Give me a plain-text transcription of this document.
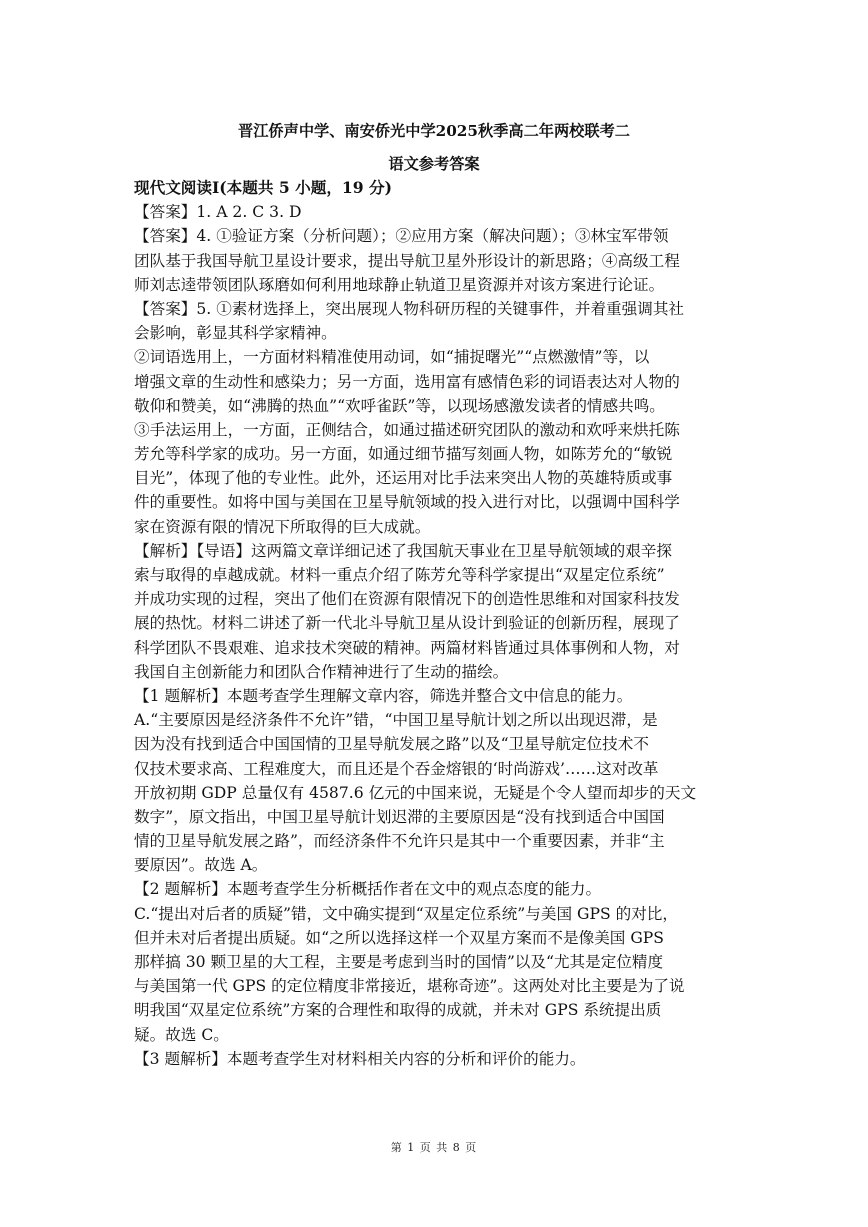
晋江侨声中学、南安侨光中学2025秋季高二年两校联考二
语文参考答案
现代文阅读Ⅰ(本题共 5 小题，19 分)
【答案】1. A 2. C 3. D
【答案】4. ①验证方案（分析问题）；②应用方案（解决问题）；③林宝军带领
团队基于我国导航卫星设计要求，提出导航卫星外形设计的新思路；④高级工程
师刘志逵带领团队琢磨如何利用地球静止轨道卫星资源并对该方案进行论证。
【答案】5. ①素材选择上，突出展现人物科研历程的关键事件，并着重强调其社
会影响，彰显其科学家精神。
②词语选用上，一方面材料精准使用动词，如“捕捉曙光”“点燃激情”等，以
增强文章的生动性和感染力；另一方面，选用富有感情色彩的词语表达对人物的
敬仰和赞美，如“沸腾的热血”“欢呼雀跃”等，以现场感激发读者的情感共鸣。
③手法运用上，一方面，正侧结合，如通过描述研究团队的激动和欢呼来烘托陈
芳允等科学家的成功。另一方面，如通过细节描写刻画人物，如陈芳允的“敏锐
目光”，体现了他的专业性。此外，还运用对比手法来突出人物的英雄特质或事
件的重要性。如将中国与美国在卫星导航领域的投入进行对比，以强调中国科学
家在资源有限的情况下所取得的巨大成就。
【解析】【导语】这两篇文章详细记述了我国航天事业在卫星导航领域的艰辛探
索与取得的卓越成就。材料一重点介绍了陈芳允等科学家提出“双星定位系统”
并成功实现的过程，突出了他们在资源有限情况下的创造性思维和对国家科技发
展的热忱。材料二讲述了新一代北斗导航卫星从设计到验证的创新历程，展现了
科学团队不畏艰难、追求技术突破的精神。两篇材料皆通过具体事例和人物，对
我国自主创新能力和团队合作精神进行了生动的描绘。
【1 题解析】本题考查学生理解文章内容，筛选并整合文中信息的能力。
A.“主要原因是经济条件不允许”错，“中国卫星导航计划之所以出现迟滞，是
因为没有找到适合中国国情的卫星导航发展之路”以及“卫星导航定位技术不
仅技术要求高、工程难度大，而且还是个吞金熔银的‘时尚游戏’……这对改革
开放初期 GDP 总量仅有 4587.6 亿元的中国来说，无疑是个令人望而却步的天文
数字”，原文指出，中国卫星导航计划迟滞的主要原因是“没有找到适合中国国
情的卫星导航发展之路”，而经济条件不允许只是其中一个重要因素，并非“主
要原因”。故选 A。
【2 题解析】本题考查学生分析概括作者在文中的观点态度的能力。
C.“提出对后者的质疑”错，文中确实提到“双星定位系统”与美国 GPS 的对比，
但并未对后者提出质疑。如“之所以选择这样一个双星方案而不是像美国 GPS
那样搞 30 颗卫星的大工程，主要是考虑到当时的国情”以及“尤其是定位精度
与美国第一代 GPS 的定位精度非常接近，堪称奇迹”。这两处对比主要是为了说
明我国“双星定位系统”方案的合理性和取得的成就，并未对 GPS 系统提出质
疑。故选 C。
【3 题解析】本题考查学生对材料相关内容的分析和评价的能力。
第 1 页 共 8 页
